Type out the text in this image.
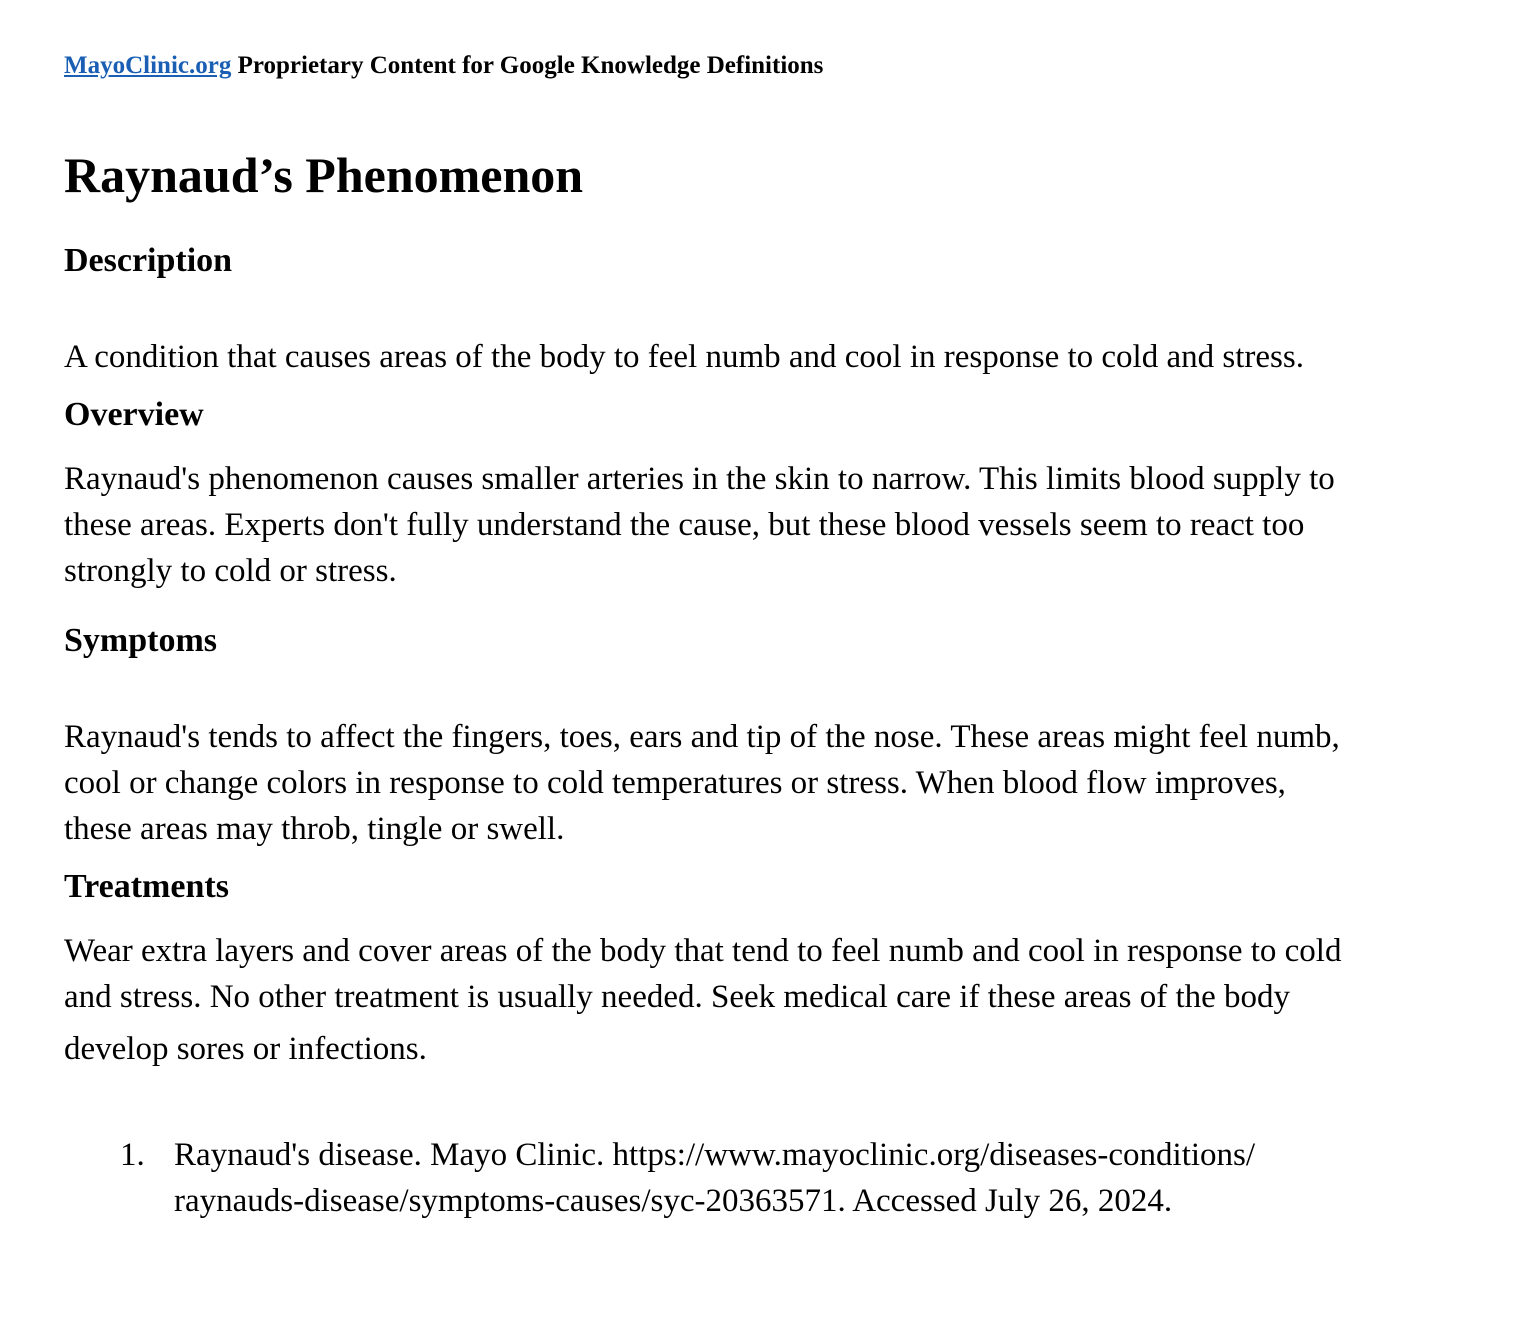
MayoClinic.org Proprietary Content for Google Knowledge Definitions
Raynaud’s Phenomenon
Description

A condition that causes areas of the body to feel numb and cool in response to cold and stress.

Overview
Raynaud's phenomenon causes smaller arteries in the skin to narrow. This limits blood supply to
these areas. Experts don't fully understand the cause, but these blood vessels seem to react too
strongly to cold or stress.
Symptoms
Raynaud's tends to affect the fingers, toes, ears and tip of the nose. These areas might feel numb,
cool or change colors in response to cold temperatures or stress. When blood flow improves,
these areas may throb, tingle or swell.
Treatments
Wear extra layers and cover areas of the body that tend to feel numb and cool in response to cold
and stress. No other treatment is usually needed. Seek medical care if these areas of the body
develop sores or infections.
1. Raynaud's disease. Mayo Clinic. https://www.mayoclinic.org/diseases-conditions/
raynauds-disease/symptoms-causes/syc-20363571. Accessed July 26, 2024.
